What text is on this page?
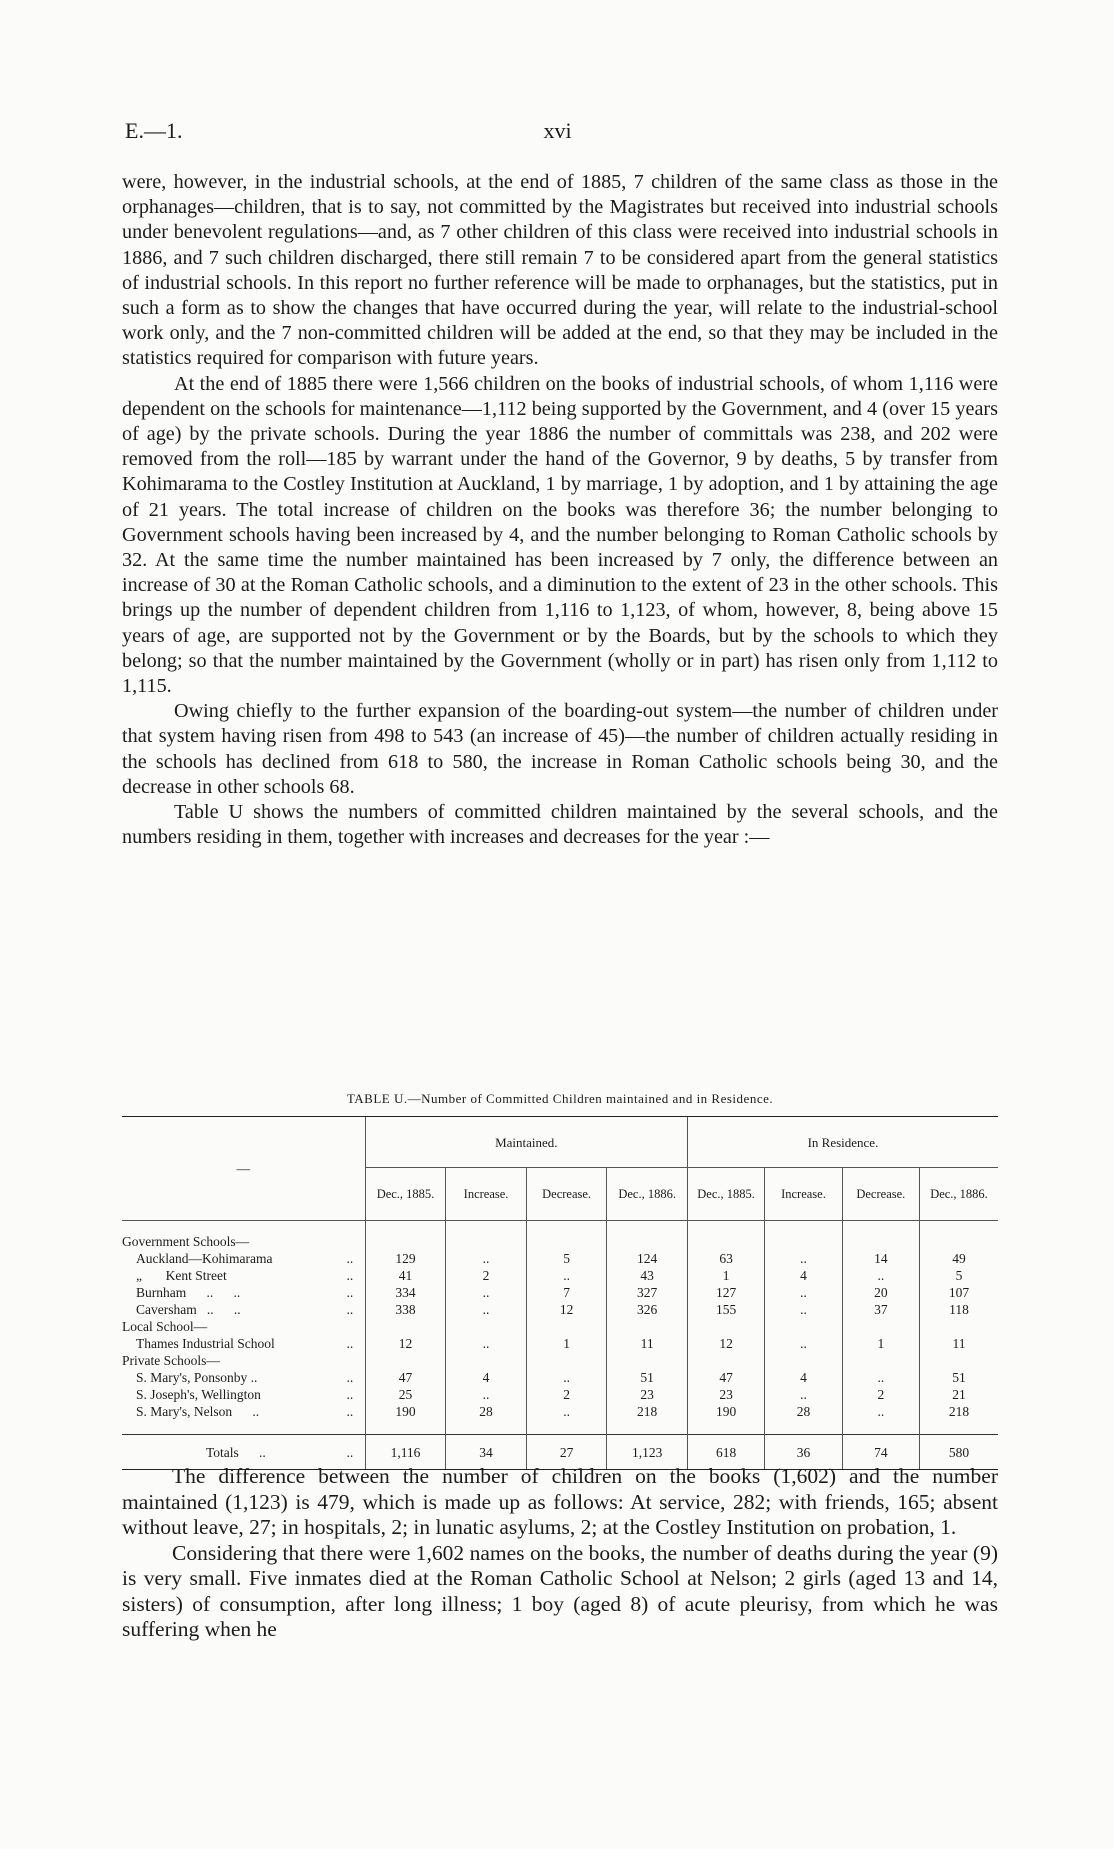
E.—1.	xvi

were, however, in the industrial schools, at the end of 1885, 7 children of the same class as those in the orphanages—children, that is to say, not committed by the Magistrates but received into industrial schools under benevolent regulations—and, as 7 other children of this class were received into industrial schools in 1886, and 7 such children discharged, there still remain 7 to be considered apart from the general statistics of industrial schools. In this report no further reference will be made to orphanages, but the statistics, put in such a form as to show the changes that have occurred during the year, will relate to the industrial-school work only, and the 7 non-committed children will be added at the end, so that they may be included in the statistics required for comparison with future years.

At the end of 1885 there were 1,566 children on the books of industrial schools, of whom 1,116 were dependent on the schools for maintenance—1,112 being supported by the Government, and 4 (over 15 years of age) by the private schools. During the year 1886 the number of committals was 238, and 202 were removed from the roll—185 by warrant under the hand of the Governor, 9 by deaths, 5 by transfer from Kohimarama to the Costley Institution at Auckland, 1 by marriage, 1 by adoption, and 1 by attaining the age of 21 years. The total increase of children on the books was therefore 36; the number belonging to Government schools having been increased by 4, and the number belonging to Roman Catholic schools by 32. At the same time the number maintained has been increased by 7 only, the difference between an increase of 30 at the Roman Catholic schools, and a diminution to the extent of 23 in the other schools. This brings up the number of dependent children from 1,116 to 1,123, of whom, however, 8, being above 15 years of age, are supported not by the Government or by the Boards, but by the schools to which they belong; so that the number maintained by the Government (wholly or in part) has risen only from 1,112 to 1,115.

Owing chiefly to the further expansion of the boarding-out system—the number of children under that system having risen from 498 to 543 (an increase of 45)—the number of children actually residing in the schools has declined from 618 to 580, the increase in Roman Catholic schools being 30, and the decrease in other schools 68.

Table U shows the numbers of committed children maintained by the several schools, and the numbers residing in them, together with increases and decreases for the year :—

TABLE U.—Number of Committed Children maintained and in Residence.
—		Maintained.				In Residence.			
		Dec., 1885.	Increase.	Decrease.	Dec., 1886.	Dec., 1885.	Increase.	Decrease.	Dec., 1886.
Government Schools—									
Auckland—Kohimarama	..	129	..	5	124	63	..	14	49
„       Kent Street	..	41	2	..	43	1	4	..	5
Burnham      ..      ..	..	334	..	7	327	127	..	20	107
Caversham   ..      ..	..	338	..	12	326	155	..	37	118
Local School—									
Thames Industrial School	..	12	..	1	11	12	..	1	11
Private Schools—									
S. Mary's, Ponsonby ..	..	47	4	..	51	47	4	..	51
S. Joseph's, Wellington	..	25	..	2	23	23	..	2	21
S. Mary's, Nelson      ..	..	190	28	..	218	190	28	..	218
Totals      ..	..	1,116	34	27	1,123	618	36	74	580

The difference between the number of children on the books (1,602) and the number maintained (1,123) is 479, which is made up as follows: At service, 282; with friends, 165; absent without leave, 27; in hospitals, 2; in lunatic asylums, 2; at the Costley Institution on probation, 1.

Considering that there were 1,602 names on the books, the number of deaths during the year (9) is very small. Five inmates died at the Roman Catholic School at Nelson; 2 girls (aged 13 and 14, sisters) of consumption, after long illness; 1 boy (aged 8) of acute pleurisy, from which he was suffering when he
